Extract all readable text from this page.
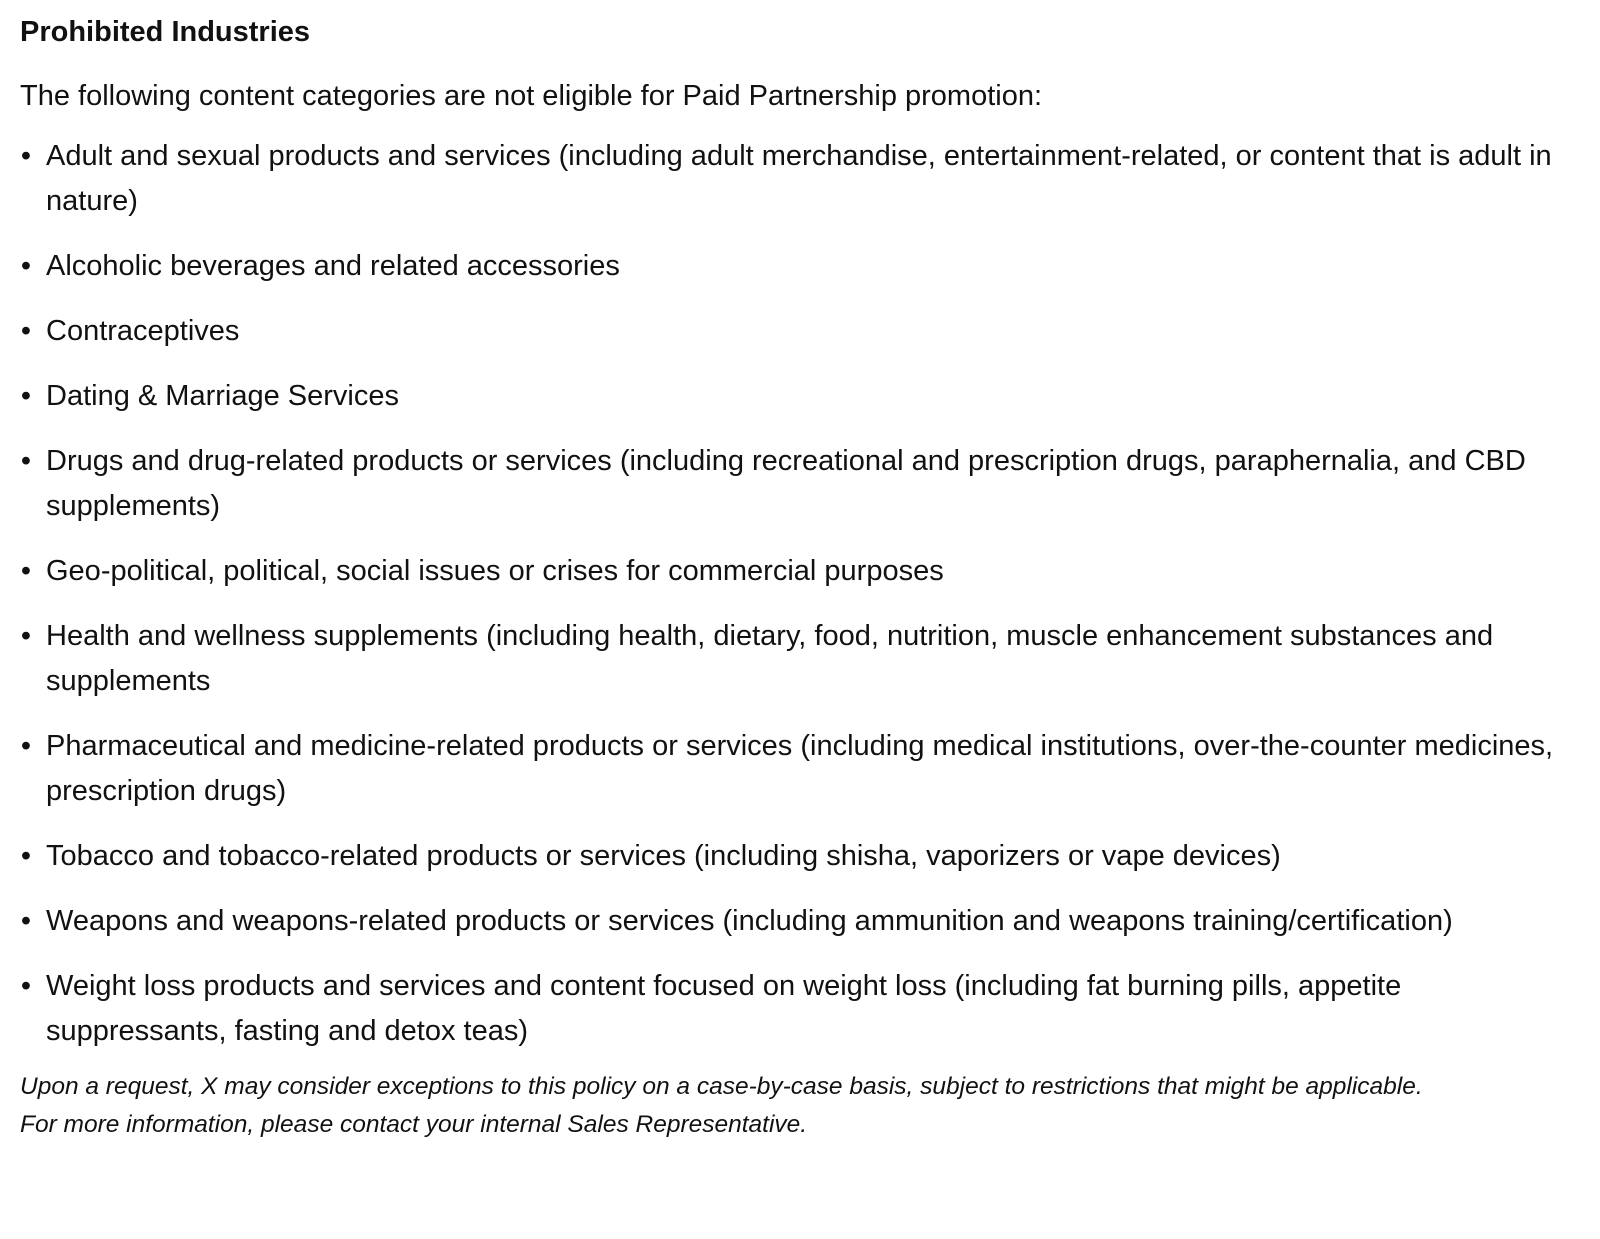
Prohibited Industries
The following content categories are not eligible for Paid Partnership promotion:
• Adult and sexual products and services (including adult merchandise, entertainment-related, or content that is adult in nature)
• Alcoholic beverages and related accessories
• Contraceptives
• Dating & Marriage Services
• Drugs and drug-related products or services (including recreational and prescription drugs, paraphernalia, and CBD supplements)
• Geo-political, political, social issues or crises for commercial purposes
• Health and wellness supplements (including health, dietary, food, nutrition, muscle enhancement substances and supplements
• Pharmaceutical and medicine-related products or services (including medical institutions, over-the-counter medicines, prescription drugs)
• Tobacco and tobacco-related products or services (including shisha, vaporizers or vape devices)
• Weapons and weapons-related products or services (including ammunition and weapons training/certification)
• Weight loss products and services and content focused on weight loss (including fat burning pills, appetite suppressants, fasting and detox teas)
Upon a request, X may consider exceptions to this policy on a case-by-case basis, subject to restrictions that might be applicable.
For more information, please contact your internal Sales Representative.
